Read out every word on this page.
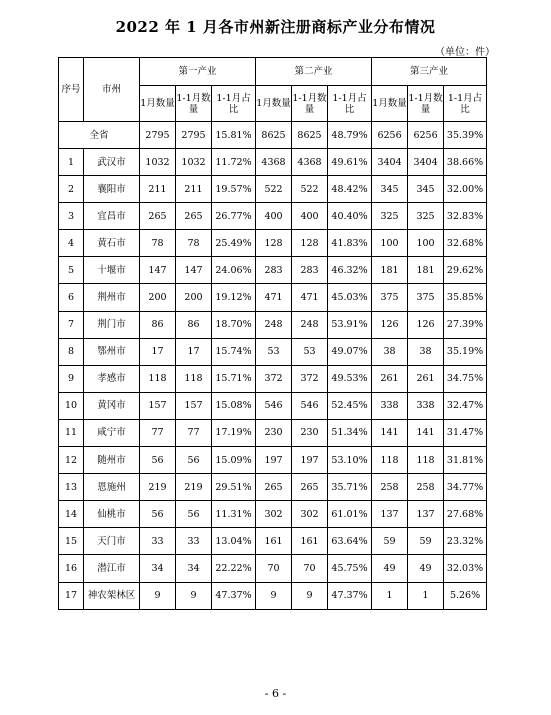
2022 年 1 月各市州新注册商标产业分布情况
（单位：件）
序号	市州	第一产业			第二产业			第三产业		
		1月数量	1-1月数量	1-1月占比	1月数量	1-1月数量	1-1月占比	1月数量	1-1月数量	1-1月占比
全省		2795	2795	15.81%	8625	8625	48.79%	6256	6256	35.39%
1	武汉市	1032	1032	11.72%	4368	4368	49.61%	3404	3404	38.66%
2	襄阳市	211	211	19.57%	522	522	48.42%	345	345	32.00%
3	宜昌市	265	265	26.77%	400	400	40.40%	325	325	32.83%
4	黄石市	78	78	25.49%	128	128	41.83%	100	100	32.68%
5	十堰市	147	147	24.06%	283	283	46.32%	181	181	29.62%
6	荆州市	200	200	19.12%	471	471	45.03%	375	375	35.85%
7	荆门市	86	86	18.70%	248	248	53.91%	126	126	27.39%
8	鄂州市	17	17	15.74%	53	53	49.07%	38	38	35.19%
9	孝感市	118	118	15.71%	372	372	49.53%	261	261	34.75%
10	黄冈市	157	157	15.08%	546	546	52.45%	338	338	32.47%
11	咸宁市	77	77	17.19%	230	230	51.34%	141	141	31.47%
12	随州市	56	56	15.09%	197	197	53.10%	118	118	31.81%
13	恩施州	219	219	29.51%	265	265	35.71%	258	258	34.77%
14	仙桃市	56	56	11.31%	302	302	61.01%	137	137	27.68%
15	天门市	33	33	13.04%	161	161	63.64%	59	59	23.32%
16	潜江市	34	34	22.22%	70	70	45.75%	49	49	32.03%
17	神农架林区	9	9	47.37%	9	9	47.37%	1	1	5.26%
- 6 -
